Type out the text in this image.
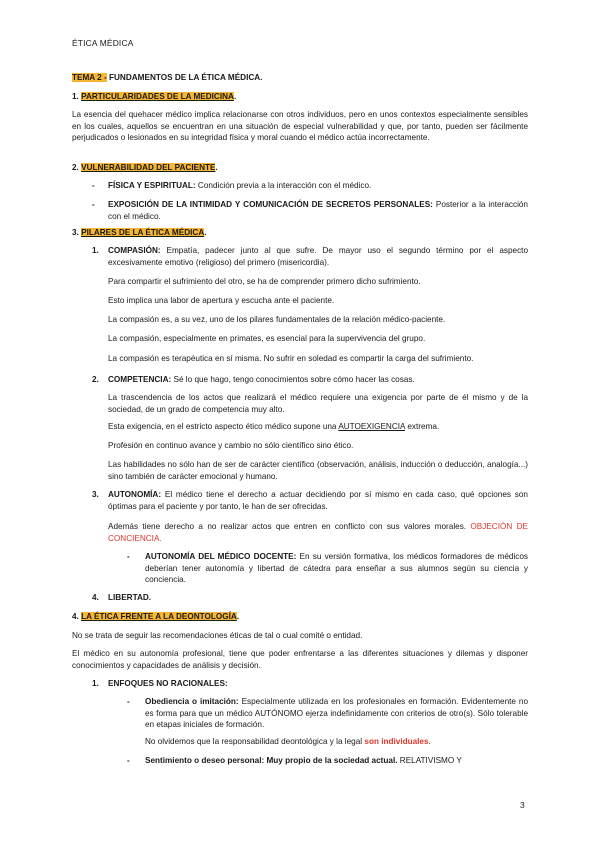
ÉTICA MÉDICA
TEMA 2 - FUNDAMENTOS DE LA ÉTICA MÉDICA.
1. PARTICULARIDADES DE LA MEDICINA.

La esencia del quehacer médico implica relacionarse con otros individuos, pero en unos contextos especialmente sensibles en los cuales, aquellos se encuentran en una situación de especial vulnerabilidad y que, por tanto, pueden ser fácilmente perjudicados o lesionados en su integridad física y moral cuando el médico actúa incorrectamente.

2. VULNERABILIDAD DEL PACIENTE.
- FÍSICA Y ESPIRITUAL: Condición previa a la interacción con el médico.

- EXPOSICIÓN DE LA INTIMIDAD Y COMUNICACIÓN DE SECRETOS PERSONALES: Posterior a la interacción con el médico.

3. PILARES DE LA ÉTICA MÉDICA.
1. COMPASIÓN: Empatía, padecer junto al que sufre. De mayor uso el segundo término por el aspecto excesivamente emotivo (religioso) del primero (misericordia).

Para compartir el sufrimiento del otro, se ha de comprender primero dicho sufrimiento.

Esto implica una labor de apertura y escucha ante el paciente.

La compasión es, a su vez, uno de los pilares fundamentales de la relación médico-paciente.

La compasión, especialmente en primates, es esencial para la supervivencia del grupo.

La compasión es terapéutica en sí misma. No sufrir en soledad es compartir la carga del sufrimiento.

2. COMPETENCIA: Sé lo que hago, tengo conocimientos sobre cómo hacer las cosas.

La trascendencia de los actos que realizará el médico requiere una exigencia por parte de él mismo y de la sociedad, de un grado de competencia muy alto.

Esta exigencia, en el estricto aspecto ético médico supone una AUTOEXIGENCIA extrema.

Profesión en continuo avance y cambio no sólo científico sino ético.

Las habilidades no sólo han de ser de carácter científico (observación, análisis, inducción o deducción, analogía...) sino también de carácter emocional y humano.

3. AUTONOMÍA: El médico tiene el derecho a actuar decidiendo por sí mismo en cada caso, qué opciones son óptimas para el paciente y por tanto, le han de ser ofrecidas.

Además tiene derecho a no realizar actos que entren en conflicto con sus valores morales. OBJECIÓN DE CONCIENCIA.

- AUTONOMÍA DEL MÉDICO DOCENTE: En su versión formativa, los médicos formadores de médicos deberían tener autonomía y libertad de cátedra para enseñar a sus alumnos según su ciencia y conciencia.

4. LIBERTAD.
4. LA ÉTICA FRENTE A LA DEONTOLOGÍA.

No se trata de seguir las recomendaciones éticas de tal o cual comité o entidad.

El médico en su autonomía profesional, tiene que poder enfrentarse a las diferentes situaciones y dilemas y disponer conocimientos y capacidades de análisis y decisión.

1. ENFOQUES NO RACIONALES:
- Obediencia o imitación: Especialmente utilizada en los profesionales en formación. Evidentemente no es forma para que un médico AUTÓNOMO ejerza indefinidamente con criterios de otro(s). Sólo tolerable en etapas iniciales de formación.

No olvidemos que la responsabilidad deontológica y la legal son individuales.

- Sentimiento o deseo personal: Muy propio de la sociedad actual. RELATIVISMO Y

3
